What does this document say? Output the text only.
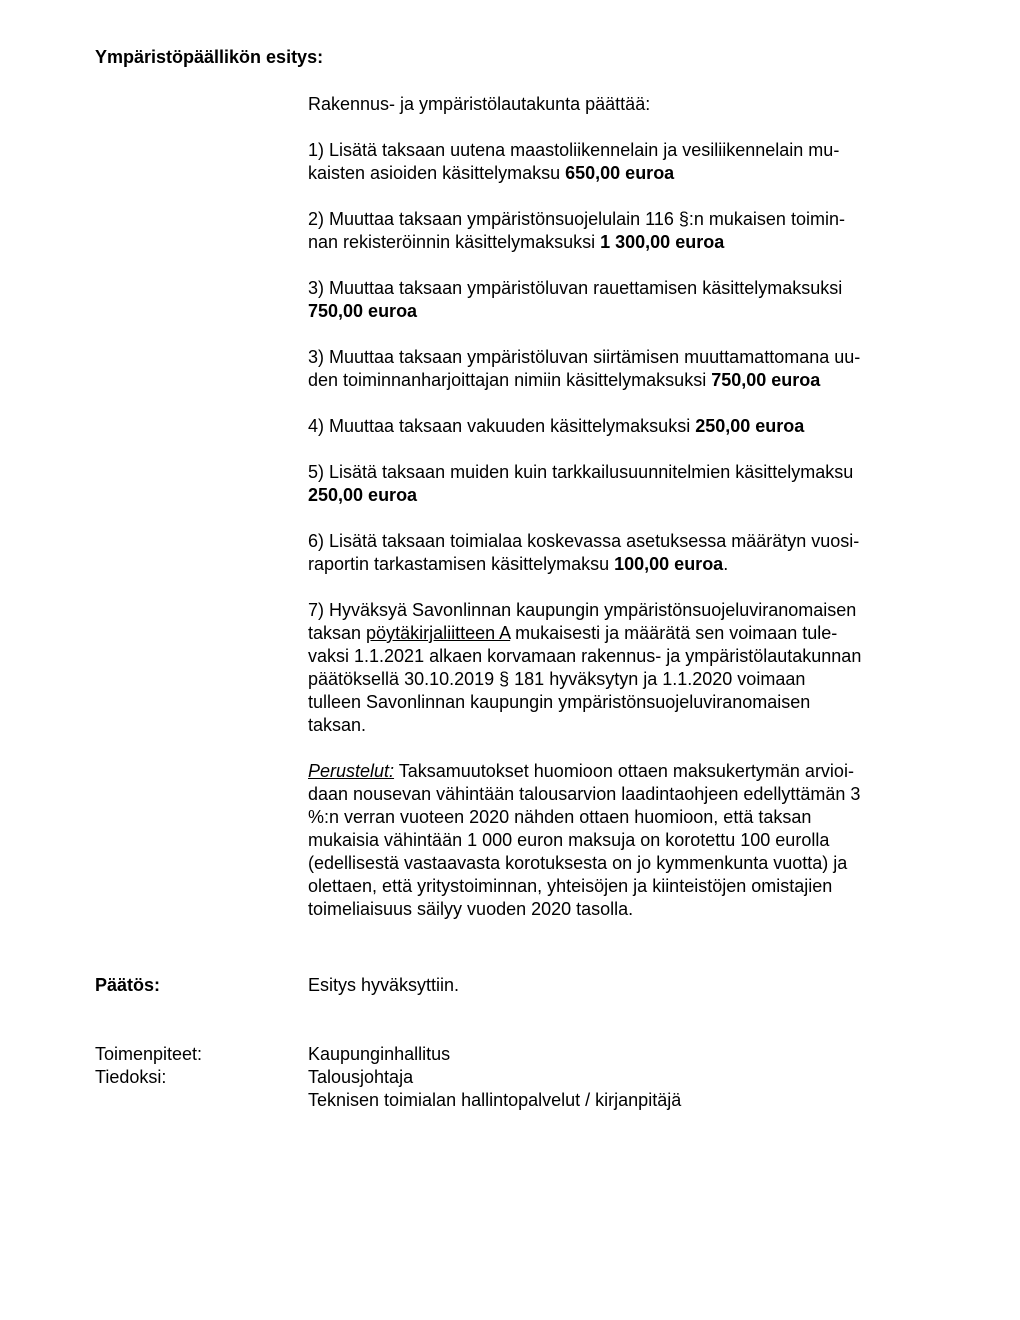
Ympäristöpäällikön esitys:

Rakennus- ja ympäristölautakunta päättää:

1) Lisätä taksaan uutena maastoliikennelain ja vesiliikennelain mu-
kaisten asioiden käsittelymaksu 650,00 euroa

2) Muuttaa taksaan ympäristönsuojelulain 116 §:n mukaisen toimin-
nan rekisteröinnin käsittelymaksuksi 1 300,00 euroa

3) Muuttaa taksaan ympäristöluvan rauettamisen käsittelymaksuksi
750,00 euroa

3) Muuttaa taksaan ympäristöluvan siirtämisen muuttamattomana uu-
den toiminnanharjoittajan nimiin käsittelymaksuksi 750,00 euroa

4) Muuttaa taksaan vakuuden käsittelymaksuksi 250,00 euroa

5) Lisätä taksaan muiden kuin tarkkailusuunnitelmien käsittelymaksu
250,00 euroa

6) Lisätä taksaan toimialaa koskevassa asetuksessa määrätyn vuosi-
raportin tarkastamisen käsittelymaksu 100,00 euroa.

7) Hyväksyä Savonlinnan kaupungin ympäristönsuojeluviranomaisen
taksan pöytäkirjaliitteen A mukaisesti ja määrätä sen voimaan tule-
vaksi 1.1.2021 alkaen korvamaan rakennus- ja ympäristölautakunnan
päätöksellä 30.10.2019 § 181 hyväksytyn ja 1.1.2020 voimaan
tulleen Savonlinnan kaupungin ympäristönsuojeluviranomaisen
taksan.

Perustelut: Taksamuutokset huomioon ottaen maksukertymän arvioi-
daan nousevan vähintään talousarvion laadintaohjeen edellyttämän 3
%:n verran vuoteen 2020 nähden ottaen huomioon, että taksan
mukaisia vähintään 1 000 euron maksuja on korotettu 100 eurolla
(edellisestä vastaavasta korotuksesta on jo kymmenkunta vuotta) ja
olettaen, että yritystoiminnan, yhteisöjen ja kiinteistöjen omistajien
toimeliaisuus säilyy vuoden 2020 tasolla.

Päätös:	Esitys hyväksyttiin.
Toimenpiteet:	Kaupunginhallitus
Tiedoksi:	Talousjohtaja
Teknisen toimialan hallintopalvelut / kirjanpitäjä
